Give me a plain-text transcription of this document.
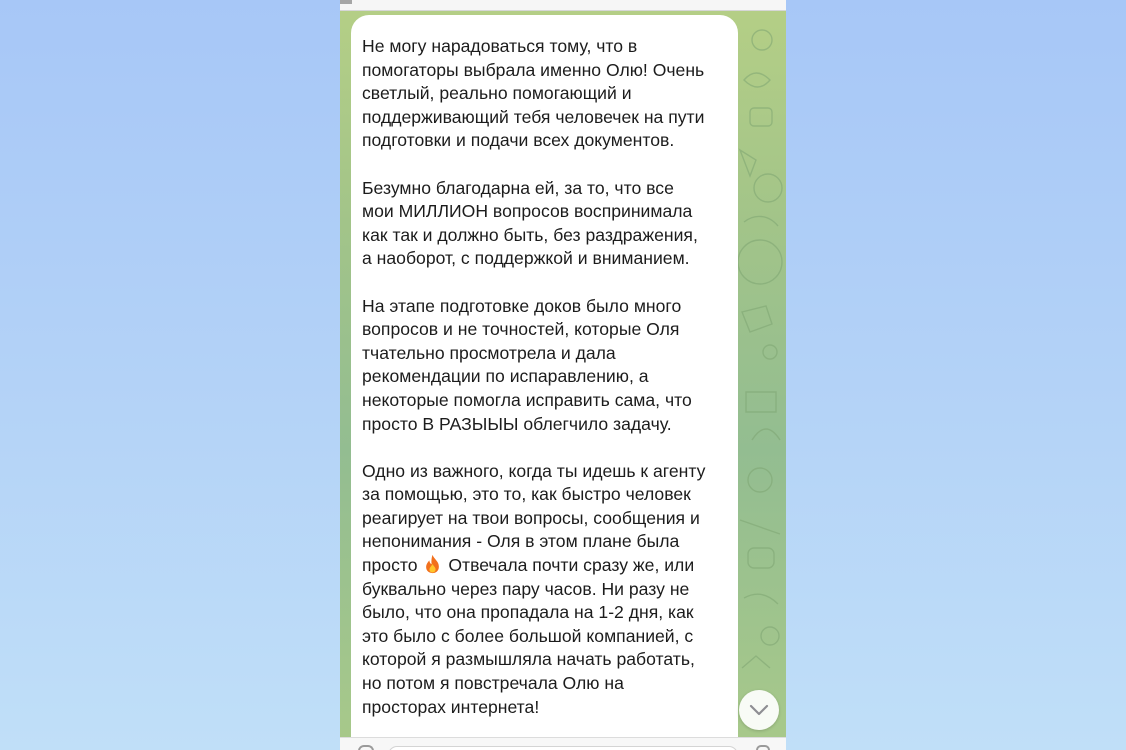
Не могу нарадоваться тому, что в
помогаторы выбрала именно Олю! Очень
светлый, реально помогающий и
поддерживающий тебя человечек на пути
подготовки и подачи всех документов.

Безумно благодарна ей, за то, что все
мои МИЛЛИОН вопросов воспринимала
как так и должно быть, без раздражения,
а наоборот, с поддержкой и вниманием.

На этапе подготовке доков было много
вопросов и не точностей, которые Оля
тчательно просмотрела и дала
рекомендации по испаравлению, а
некоторые помогла исправить сама, что
просто В РАЗЫЫЫ облегчило задачу.

Одно из важного, когда ты идешь к агенту
за помощью, это то, как быстро человек
реагирует на твои вопросы, сообщения и
непонимания - Оля в этом плане была
просто  Отвечала почти сразу же, или
буквально через пару часов. Ни разу не
было, что она пропадала на 1-2 дня, как
это было с более большой компанией, с
которой я размышляла начать работать,
но потом я повстречала Олю на
просторах интернета!
